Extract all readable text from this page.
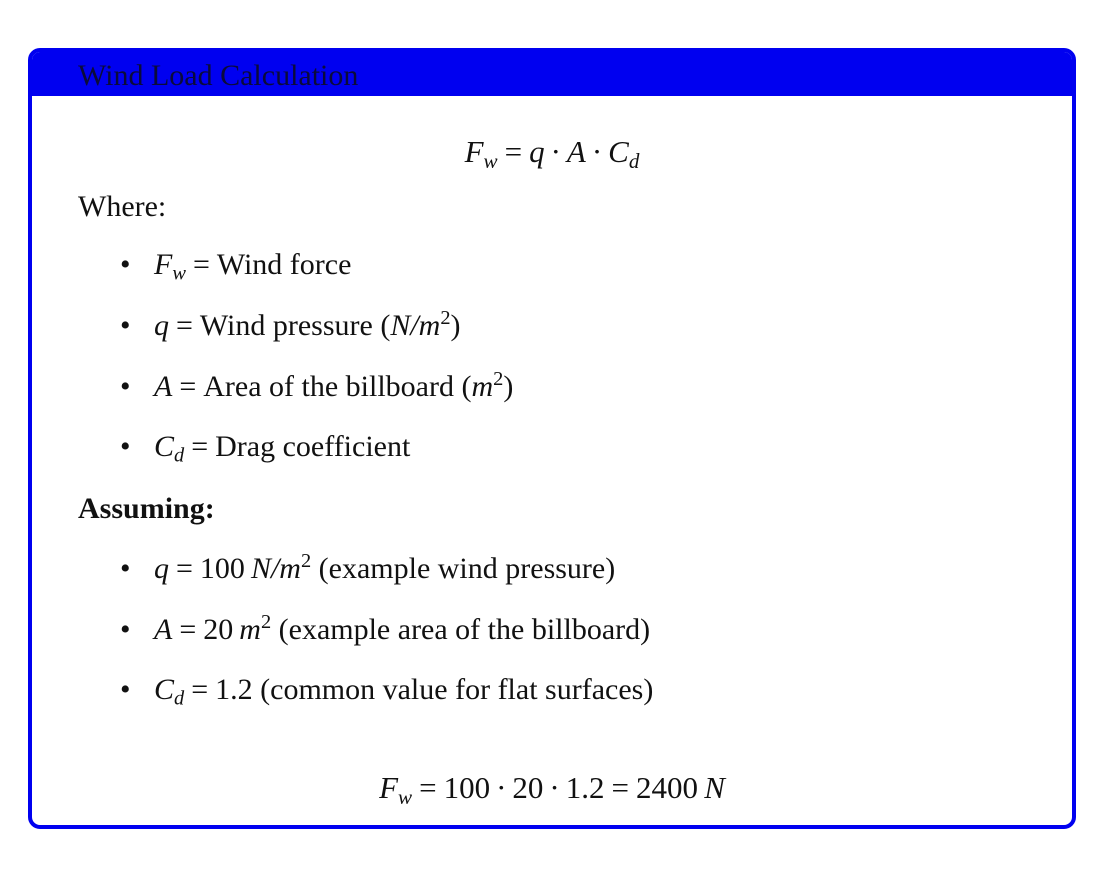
Wind Load Calculation
$F_w = q \cdot A \cdot C_d$
Where:
• $F_w$ = Wind force
• q = Wind pressure $(N/m^2)$
• A = Area of the billboard $(m^2)$
• $C_d$ = Drag coefficient
Assuming:
• q = 100  $N/m^2$ (example wind pressure)
• A = 20  $m^2$ (example area of the billboard)
• $C_d = 1.2$ (common value for flat surfaces)
$F_w = 100 \cdot 20 \cdot 1.2 = 2400$  N
